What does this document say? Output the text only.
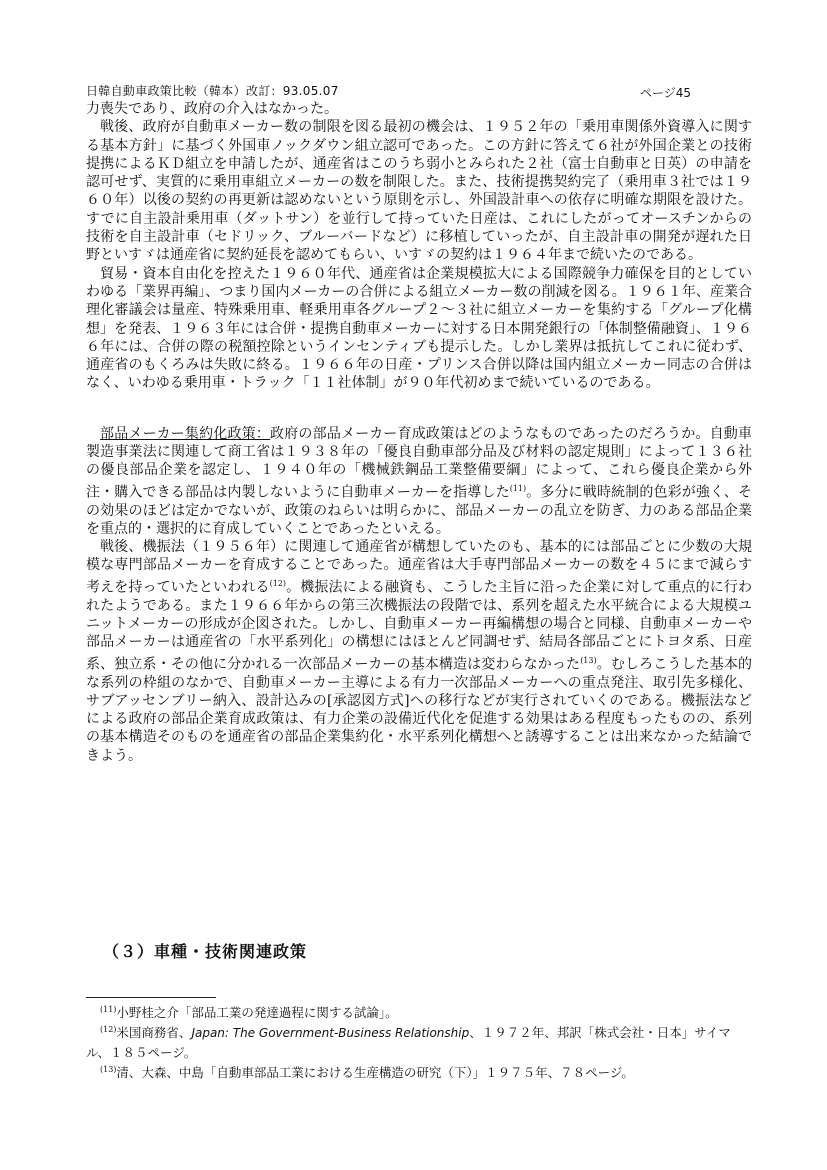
日韓自動車政策比較（韓本）改訂：93.05.07	ページ45

力喪失であり、政府の介入はなかった。

戦後、政府が自動車メーカー数の制限を図る最初の機会は、１９５２年の「乗用車関係外資導入に関する基本方針」に基づく外国車ノックダウン組立認可であった。この方針に答えて６社が外国企業との技術提携によるＫＤ組立を申請したが、通産省はこのうち弱小とみられた２社（富士自動車と日英）の申請を認可せず、実質的に乗用車組立メーカーの数を制限した。また、技術提携契約完了（乗用車３社では１９６０年）以後の契約の再更新は認めないという原則を示し、外国設計車への依存に明確な期限を設けた。すでに自主設計乗用車（ダットサン）を並行して持っていた日産は、これにしたがってオースチンからの技術を自主設計車（セドリック、ブルーバードなど）に移植していったが、自主設計車の開発が遅れた日野といすゞは通産省に契約延長を認めてもらい、いすゞの契約は１９６４年まで続いたのである。

貿易・資本自由化を控えた１９６０年代、通産省は企業規模拡大による国際競争力確保を目的としていわゆる「業界再編」、つまり国内メーカーの合併による組立メーカー数の削減を図る。１９６１年、産業合理化審議会は量産、特殊乗用車、軽乗用車各グループ２～３社に組立メーカーを集約する「グループ化構想」を発表、１９６３年には合併・提携自動車メーカーに対する日本開発銀行の「体制整備融資」、１９６６年には、合併の際の税額控除というインセンティブも提示した。しかし業界は抵抗してこれに従わず、通産省のもくろみは失敗に終る。１９６６年の日産・プリンス合併以降は国内組立メーカー同志の合併はなく、いわゆる乗用車・トラック「１１社体制」が９０年代初めまで続いているのである。

部品メーカー集約化政策：政府の部品メーカー育成政策はどのようなものであったのだろうか。自動車製造事業法に関連して商工省は１９３８年の「優良自動車部分品及び材料の認定規則」によって１３６社の優良部品企業を認定し、１９４０年の「機械鉄鋼品工業整備要綱」によって、これら優良企業から外注・購入できる部品は内製しないように自動車メーカーを指導した$^{(11)}$。多分に戦時統制的色彩が強く、その効果のほどは定かでないが、政策のねらいは明らかに、部品メーカーの乱立を防ぎ、力のある部品企業を重点的・選択的に育成していくことであったといえる。

戦後、機振法（１９５６年）に関連して通産省が構想していたのも、基本的には部品ごとに少数の大規模な専門部品メーカーを育成することであった。通産省は大手専門部品メーカーの数を４５にまで減らす考えを持っていたといわれる$^{(12)}$。機振法による融資も、こうした主旨に沿った企業に対して重点的に行われたようである。また１９６６年からの第三次機振法の段階では、系列を超えた水平統合による大規模ユニットメーカーの形成が企図された。しかし、自動車メーカー再編構想の場合と同様、自動車メーカーや部品メーカーは通産省の「水平系列化」の構想にはほとんど同調せず、結局各部品ごとにトヨタ系、日産系、独立系・その他に分かれる一次部品メーカーの基本構造は変わらなかった$^{(13)}$。むしろこうした基本的な系列の枠組のなかで、自動車メーカー主導による有力一次部品メーカーへの重点発注、取引先多様化、サブアッセンブリー納入、設計込みの[承認図方式]への移行などが実行されていくのである。機振法などによる政府の部品企業育成政策は、有力企業の設備近代化を促進する効果はある程度もったものの、系列の基本構造そのものを通産省の部品企業集約化・水平系列化構想へと誘導することは出来なかった結論できよう。

（３）車種・技術関連政策
$^{(11)}$小野桂之介「部品工業の発達過程に関する試論」。
$^{(12)}$米国商務省、Japan: The Government-Business Relationship、１９７２年、邦訳「株式会社・日本」サイマル、１８５ページ。
$^{(13)}$清、大森、中島「自動車部品工業における生産構造の研究（下）」１９７５年、７８ページ。
